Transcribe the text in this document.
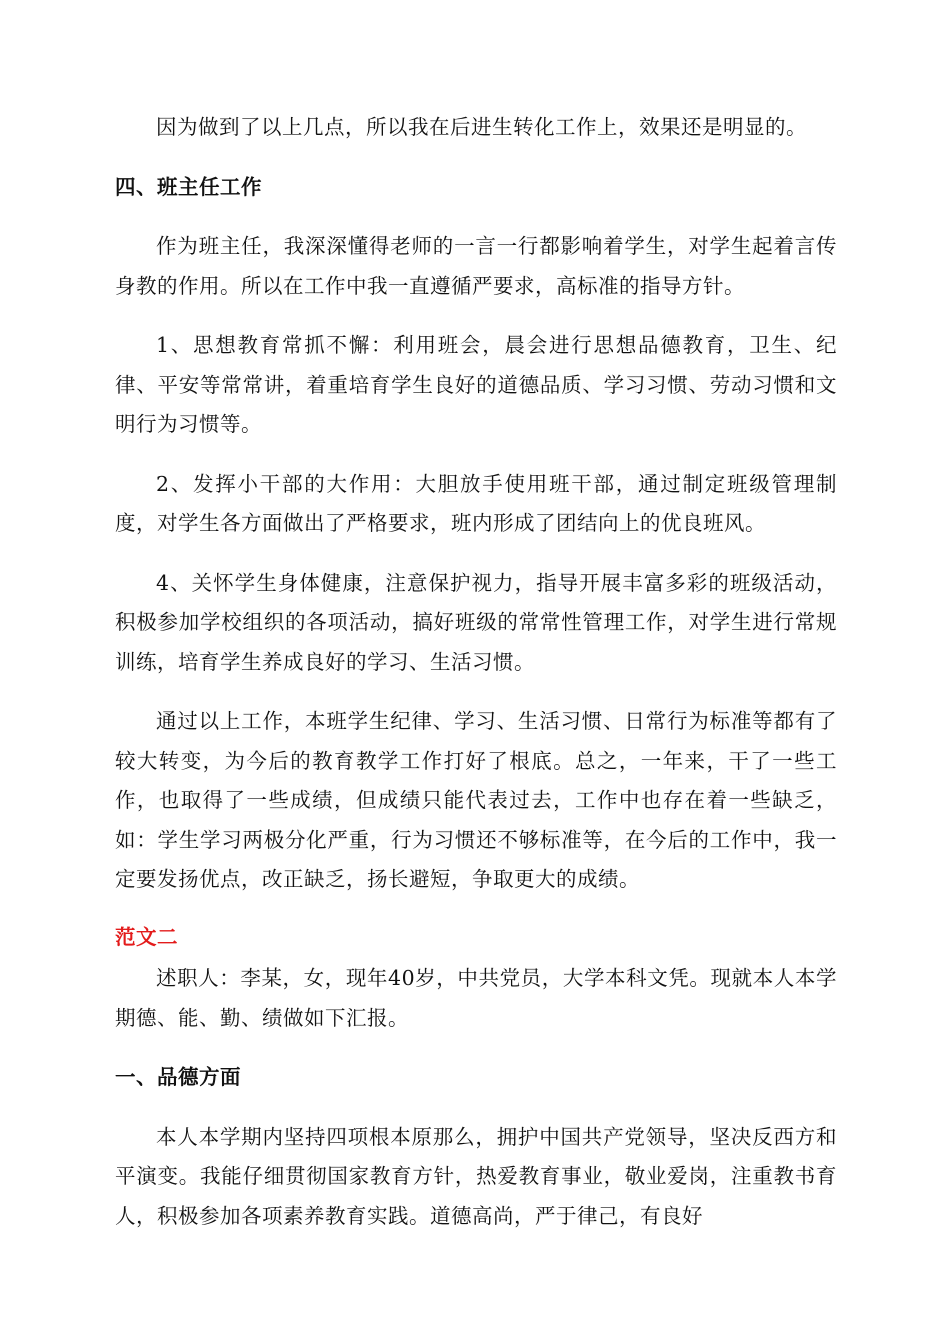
因为做到了以上几点，所以我在后进生转化工作上，效果还是明显的。

四、班主任工作

作为班主任，我深深懂得老师的一言一行都影响着学生，对学生起着言传身教的作用。所以在工作中我一直遵循严要求，高标准的指导方针。

1、思想教育常抓不懈：利用班会，晨会进行思想品德教育，卫生、纪律、平安等常常讲，着重培育学生良好的道德品质、学习习惯、劳动习惯和文明行为习惯等。

2、发挥小干部的大作用：大胆放手使用班干部，通过制定班级管理制度，对学生各方面做出了严格要求，班内形成了团结向上的优良班风。

4、关怀学生身体健康，注意保护视力，指导开展丰富多彩的班级活动，积极参加学校组织的各项活动，搞好班级的常常性管理工作，对学生进行常规训练，培育学生养成良好的学习、生活习惯。

通过以上工作，本班学生纪律、学习、生活习惯、日常行为标准等都有了较大转变，为今后的教育教学工作打好了根底。总之，一年来，干了一些工作，也取得了一些成绩，但成绩只能代表过去，工作中也存在着一些缺乏，如：学生学习两极分化严重，行为习惯还不够标准等，在今后的工作中，我一定要发扬优点，改正缺乏，扬长避短，争取更大的成绩。

范文二

述职人：李某，女，现年40岁，中共党员，大学本科文凭。现就本人本学期德、能、勤、绩做如下汇报。

一、品德方面

本人本学期内坚持四项根本原那么，拥护中国共产党领导，坚决反西方和平演变。我能仔细贯彻国家教育方针，热爱教育事业，敬业爱岗，注重教书育人，积极参加各项素养教育实践。道德高尚，严于律己，有良好
